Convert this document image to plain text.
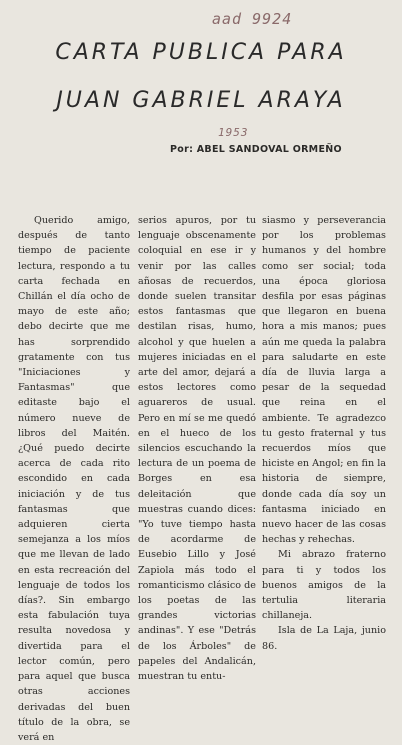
aad 9924
CARTA PUBLICA PARA
JUAN GABRIEL ARAYA
1953
Por: ABEL SANDOVAL ORMEÑO

Querido amigo, después de tanto tiempo de paciente lectura, respondo a tu carta fechada en Chillán el día ocho de mayo de este año; debo decirte que me has sorprendido gratamente con tus "Iniciaciones y Fantasmas" que editaste bajo el número nueve de libros del Maitén. ¿Qué puedo decirte acerca de cada rito escondido en cada iniciación y de tus fantasmas que adquieren cierta semejanza a los míos que me llevan de lado en esta recreación del lenguaje de todos los días?. Sin embargo esta fabulación tuya resulta novedosa y divertida para el lector común, pero para aquel que busca otras acciones derivadas del buen título de la obra, se verá en

serios apuros, por tu lenguaje obscenamente coloquial en ese ir y venir por las calles añosas de recuerdos, donde suelen transitar estos fantasmas que destilan risas, humo, alcohol y que huelen a mujeres iniciadas en el arte del amor, dejará a estos lectores como aguareros de usual. Pero en mí se me quedó en el hueco de los silencios escuchando la lectura de un poema de Borges en esa deleitación que muestras cuando dices: "Yo tuve tiempo hasta de acordarme de Eusebio Lillo y José Zapiola más todo el romanticismo clásico de los poetas de las grandes victorias andinas". Y ese "Detrás de los Árboles" de papeles del Andalicán, muestran tu entu-

siasmo y perseverancia por los problemas humanos y del hombre como ser social; toda una época gloriosa desfila por esas páginas que llegaron en buena hora a mis manos; pues aún me queda la palabra para saludarte en este día de lluvia larga a pesar de la sequedad que reina en el ambiente. Te agradezco tu gesto fraternal y tus recuerdos míos que hiciste en Angol; en fin la historia de siempre, donde cada día soy un fantasma iniciado en nuevo hacer de las cosas hechas y rehechas.

Mi abrazo fraterno para ti y todos los buenos amigos de la tertulia literaria chillaneja.

Isla de La Laja, junio 86.
